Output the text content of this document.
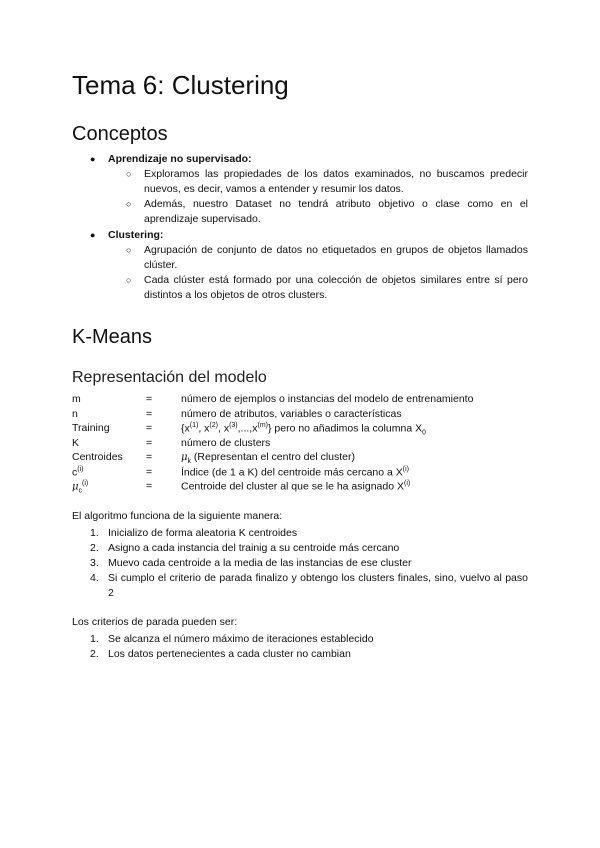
Tema 6: Clustering
Conceptos
● Aprendizaje no supervisado:
○ Exploramos las propiedades de los datos examinados, no buscamos predecir nuevos, es decir, vamos a entender y resumir los datos.
○ Además, nuestro Dataset no tendrá atributo objetivo o clase como en el aprendizaje supervisado.
● Clustering:
○ Agrupación de conjunto de datos no etiquetados en grupos de objetos llamados clúster.
○ Cada clúster está formado por una colección de objetos similares entre sí pero distintos a los objetos de otros clusters.
K-Means
Representación del modelo
m	=	número de ejemplos o instancias del modelo de entrenamiento
n	=	número de atributos, variables o características
Training	=	{$x^{(1)}$, $x^{(2)}$, $x^{(3)},...,x^{(m)}$} pero no añadimos la columna $X_0$
K	=	número de clusters
Centroides	=	$\mu_k$ (Representan el centro del cluster)
$c^{(i)}$	=	Índice (de 1 a K) del centroide más cercano a $X^{(i)}$
$\mu_c^{(i)}$	=	Centroide del cluster al que se le ha asignado $X^{(i)}$

El algoritmo funciona de la siguiente manera:

1. Inicializo de forma aleatoria K centroides
2. Asigno a cada instancia del trainig a su centroide más cercano
3. Muevo cada centroide a la media de las instancias de ese cluster
4. Si cumplo el criterio de parada finalizo y obtengo los clusters finales, sino, vuelvo al paso 2

Los criterios de parada pueden ser:

1. Se alcanza el número máximo de iteraciones establecido
2. Los datos pertenecientes a cada cluster no cambian
